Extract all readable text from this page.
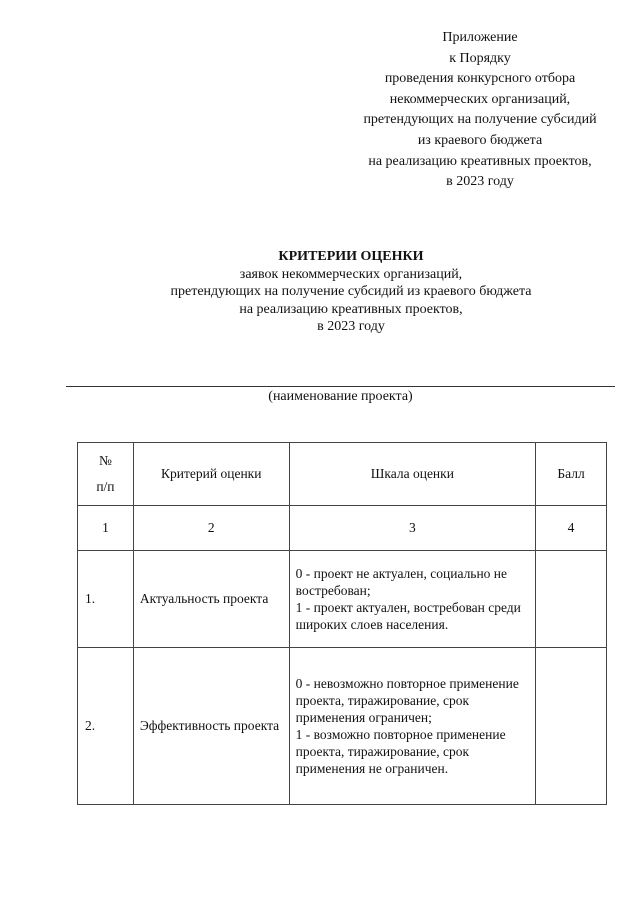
Приложение
к Порядку
проведения конкурсного отбора
некоммерческих организаций,
претендующих на получение субсидий
из краевого бюджета
на реализацию креативных проектов,
в 2023 году
КРИТЕРИИ ОЦЕНКИ
заявок некоммерческих организаций,
претендующих на получение субсидий из краевого бюджета
на реализацию креативных проектов,
в 2023 году
(наименование проекта)
№
п/п	Критерий оценки	Шкала оценки	Балл
1	2	3	4
1.	Актуальность проекта	0 - проект не актуален, социально не востребован;
1 - проект актуален, востребован среди широких слоев населения.	

2.	Эффективность проекта	0 - невозможно повторное применение проекта, тиражирование, срок применения ограничен;
1 - возможно повторное применение проекта, тиражирование, срок применения не ограничен.	
